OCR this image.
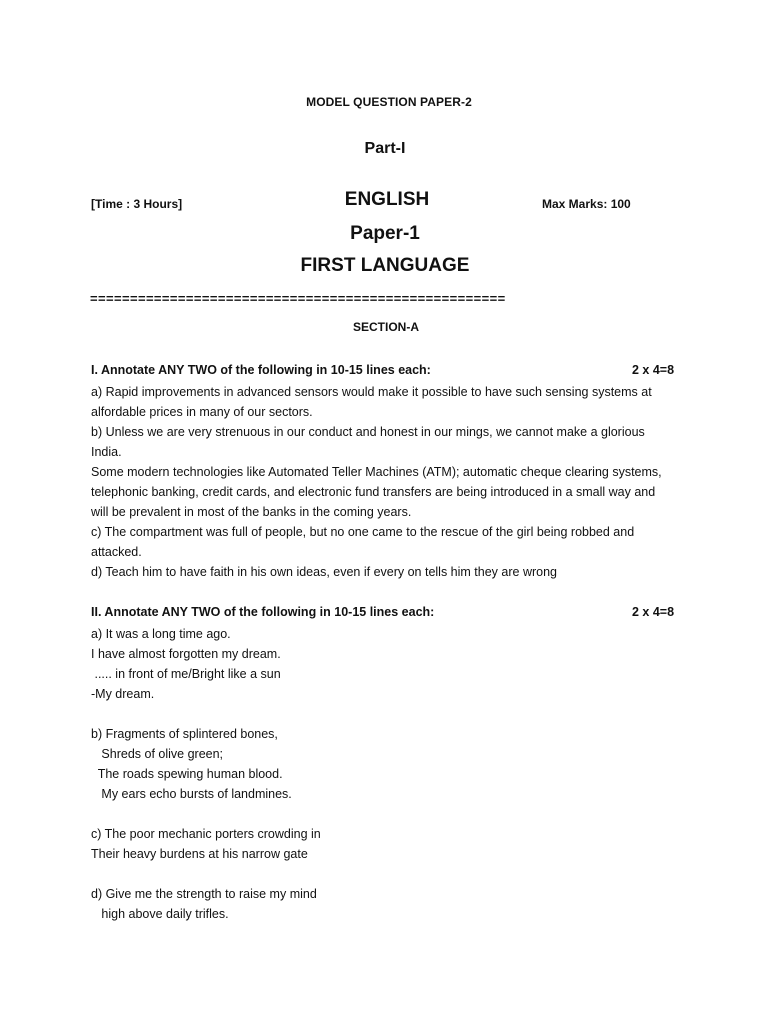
MODEL QUESTION PAPER-2
Part-I
[Time : 3 Hours]	ENGLISH	Max Marks: 100
Paper-1
FIRST LANGUAGE
====================================================
SECTION-A
I. Annotate ANY TWO of the following in 10-15 lines each:	2 x 4=8
a) Rapid improvements in advanced sensors would make it possible to have such sensing systems at
alfordable prices in many of our sectors.
b) Unless we are very strenuous in our conduct and honest in our mings, we cannot make a glorious
India.
Some modern technologies like Automated Teller Machines (ATM); automatic cheque clearing systems,
telephonic banking, credit cards, and electronic fund transfers are being introduced in a small way and
will be prevalent in most of the banks in the coming years.
c) The compartment was full of people, but no one came to the rescue of the girl being robbed and
attacked.
d) Teach him to have faith in his own ideas, even if every on tells him they are wrong
II. Annotate ANY TWO of the following in 10-15 lines each:	2 x 4=8
a) It was a long time ago.
I have almost forgotten my dream.
..... in front of me/Bright like a sun
-My dream.
b) Fragments of splintered bones,
Shreds of olive green;
The roads spewing human blood.
My ears echo bursts of landmines.
c) The poor mechanic porters crowding in
Their heavy burdens at his narrow gate
d) Give me the strength to raise my mind
high above daily trifles.
